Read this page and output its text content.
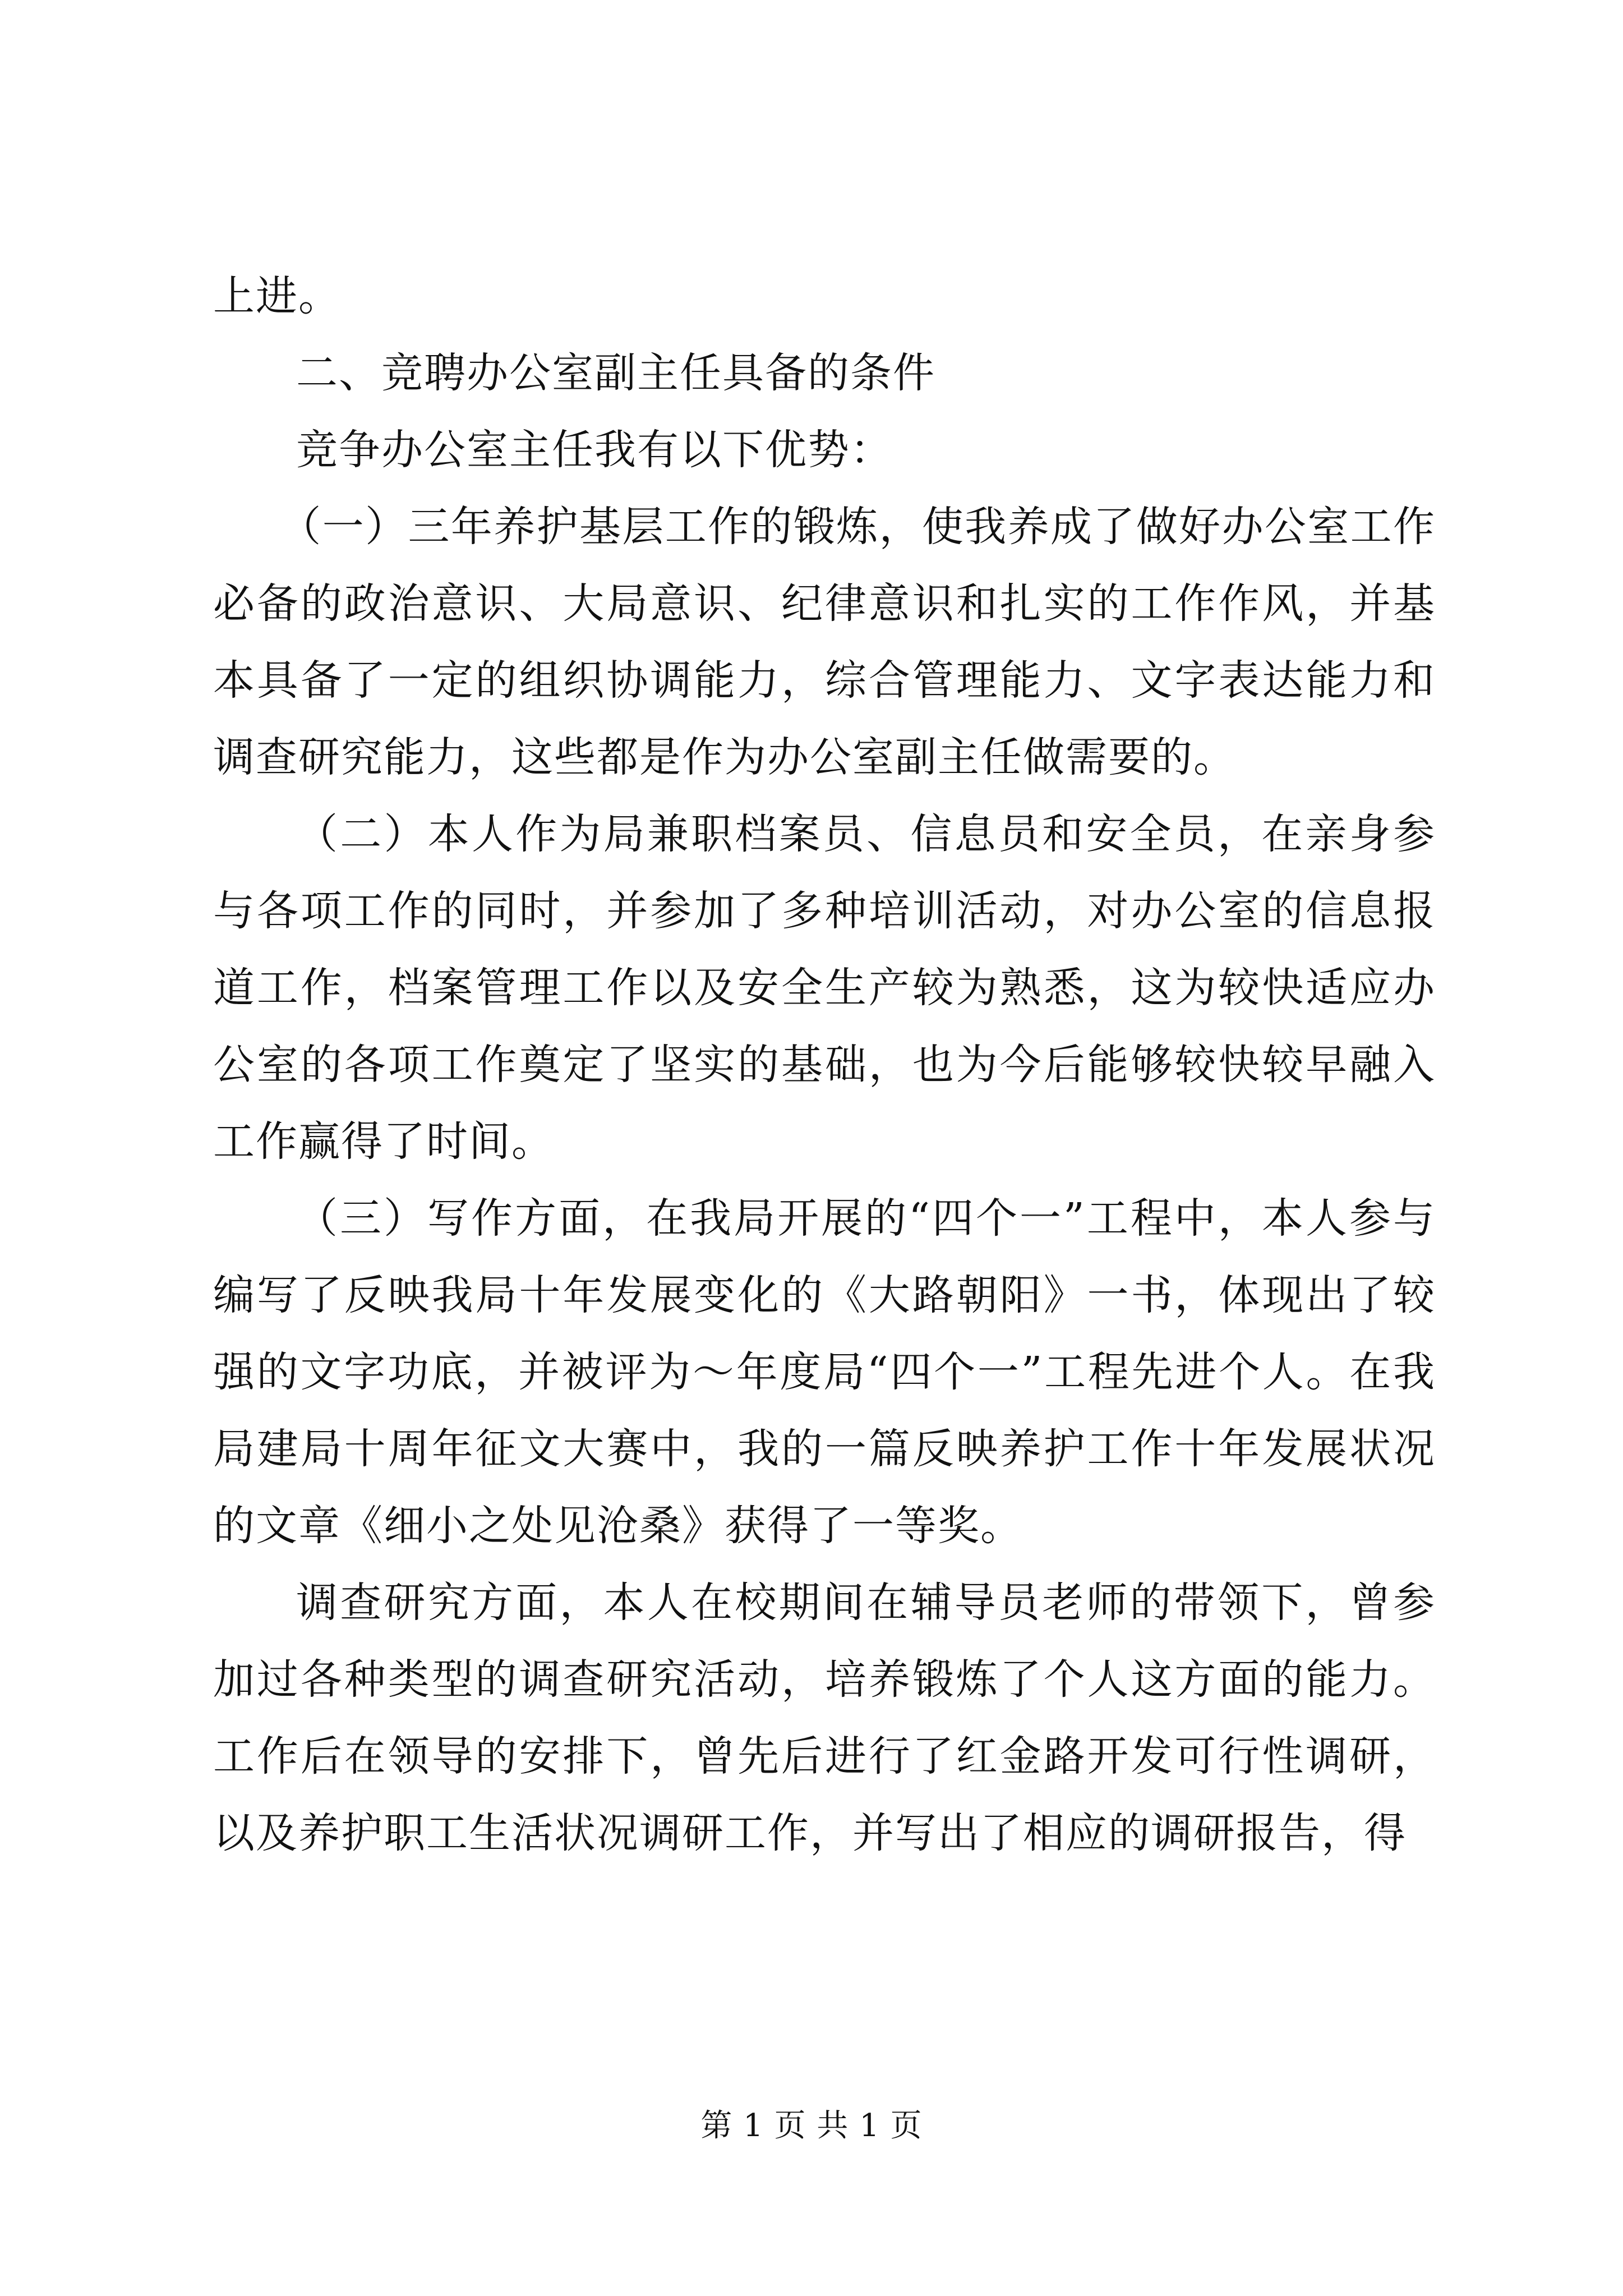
上进。

二、竞聘办公室副主任具备的条件

竞争办公室主任我有以下优势：

（一）三年养护基层工作的锻炼，使我养成了做好办公室工作必备的政治意识、大局意识、纪律意识和扎实的工作作风，并基本具备了一定的组织协调能力，综合管理能力、文字表达能力和调查研究能力，这些都是作为办公室副主任做需要的。

（二）本人作为局兼职档案员、信息员和安全员，在亲身参与各项工作的同时，并参加了多种培训活动，对办公室的信息报道工作，档案管理工作以及安全生产较为熟悉，这为较快适应办公室的各项工作奠定了坚实的基础，也为今后能够较快较早融入工作赢得了时间。

（三）写作方面，在我局开展的“四个一”工程中，本人参与编写了反映我局十年发展变化的《大路朝阳》一书，体现出了较强的文字功底，并被评为～年度局“四个一”工程先进个人。在我局建局十周年征文大赛中，我的一篇反映养护工作十年发展状况的文章《细小之处见沧桑》获得了一等奖。

调查研究方面，本人在校期间在辅导员老师的带领下，曾参加过各种类型的调查研究活动，培养锻炼了个人这方面的能力。工作后在领导的安排下，曾先后进行了红金路开发可行性调研，以及养护职工生活状况调研工作，并写出了相应的调研报告，得

第 1 页 共 1 页
